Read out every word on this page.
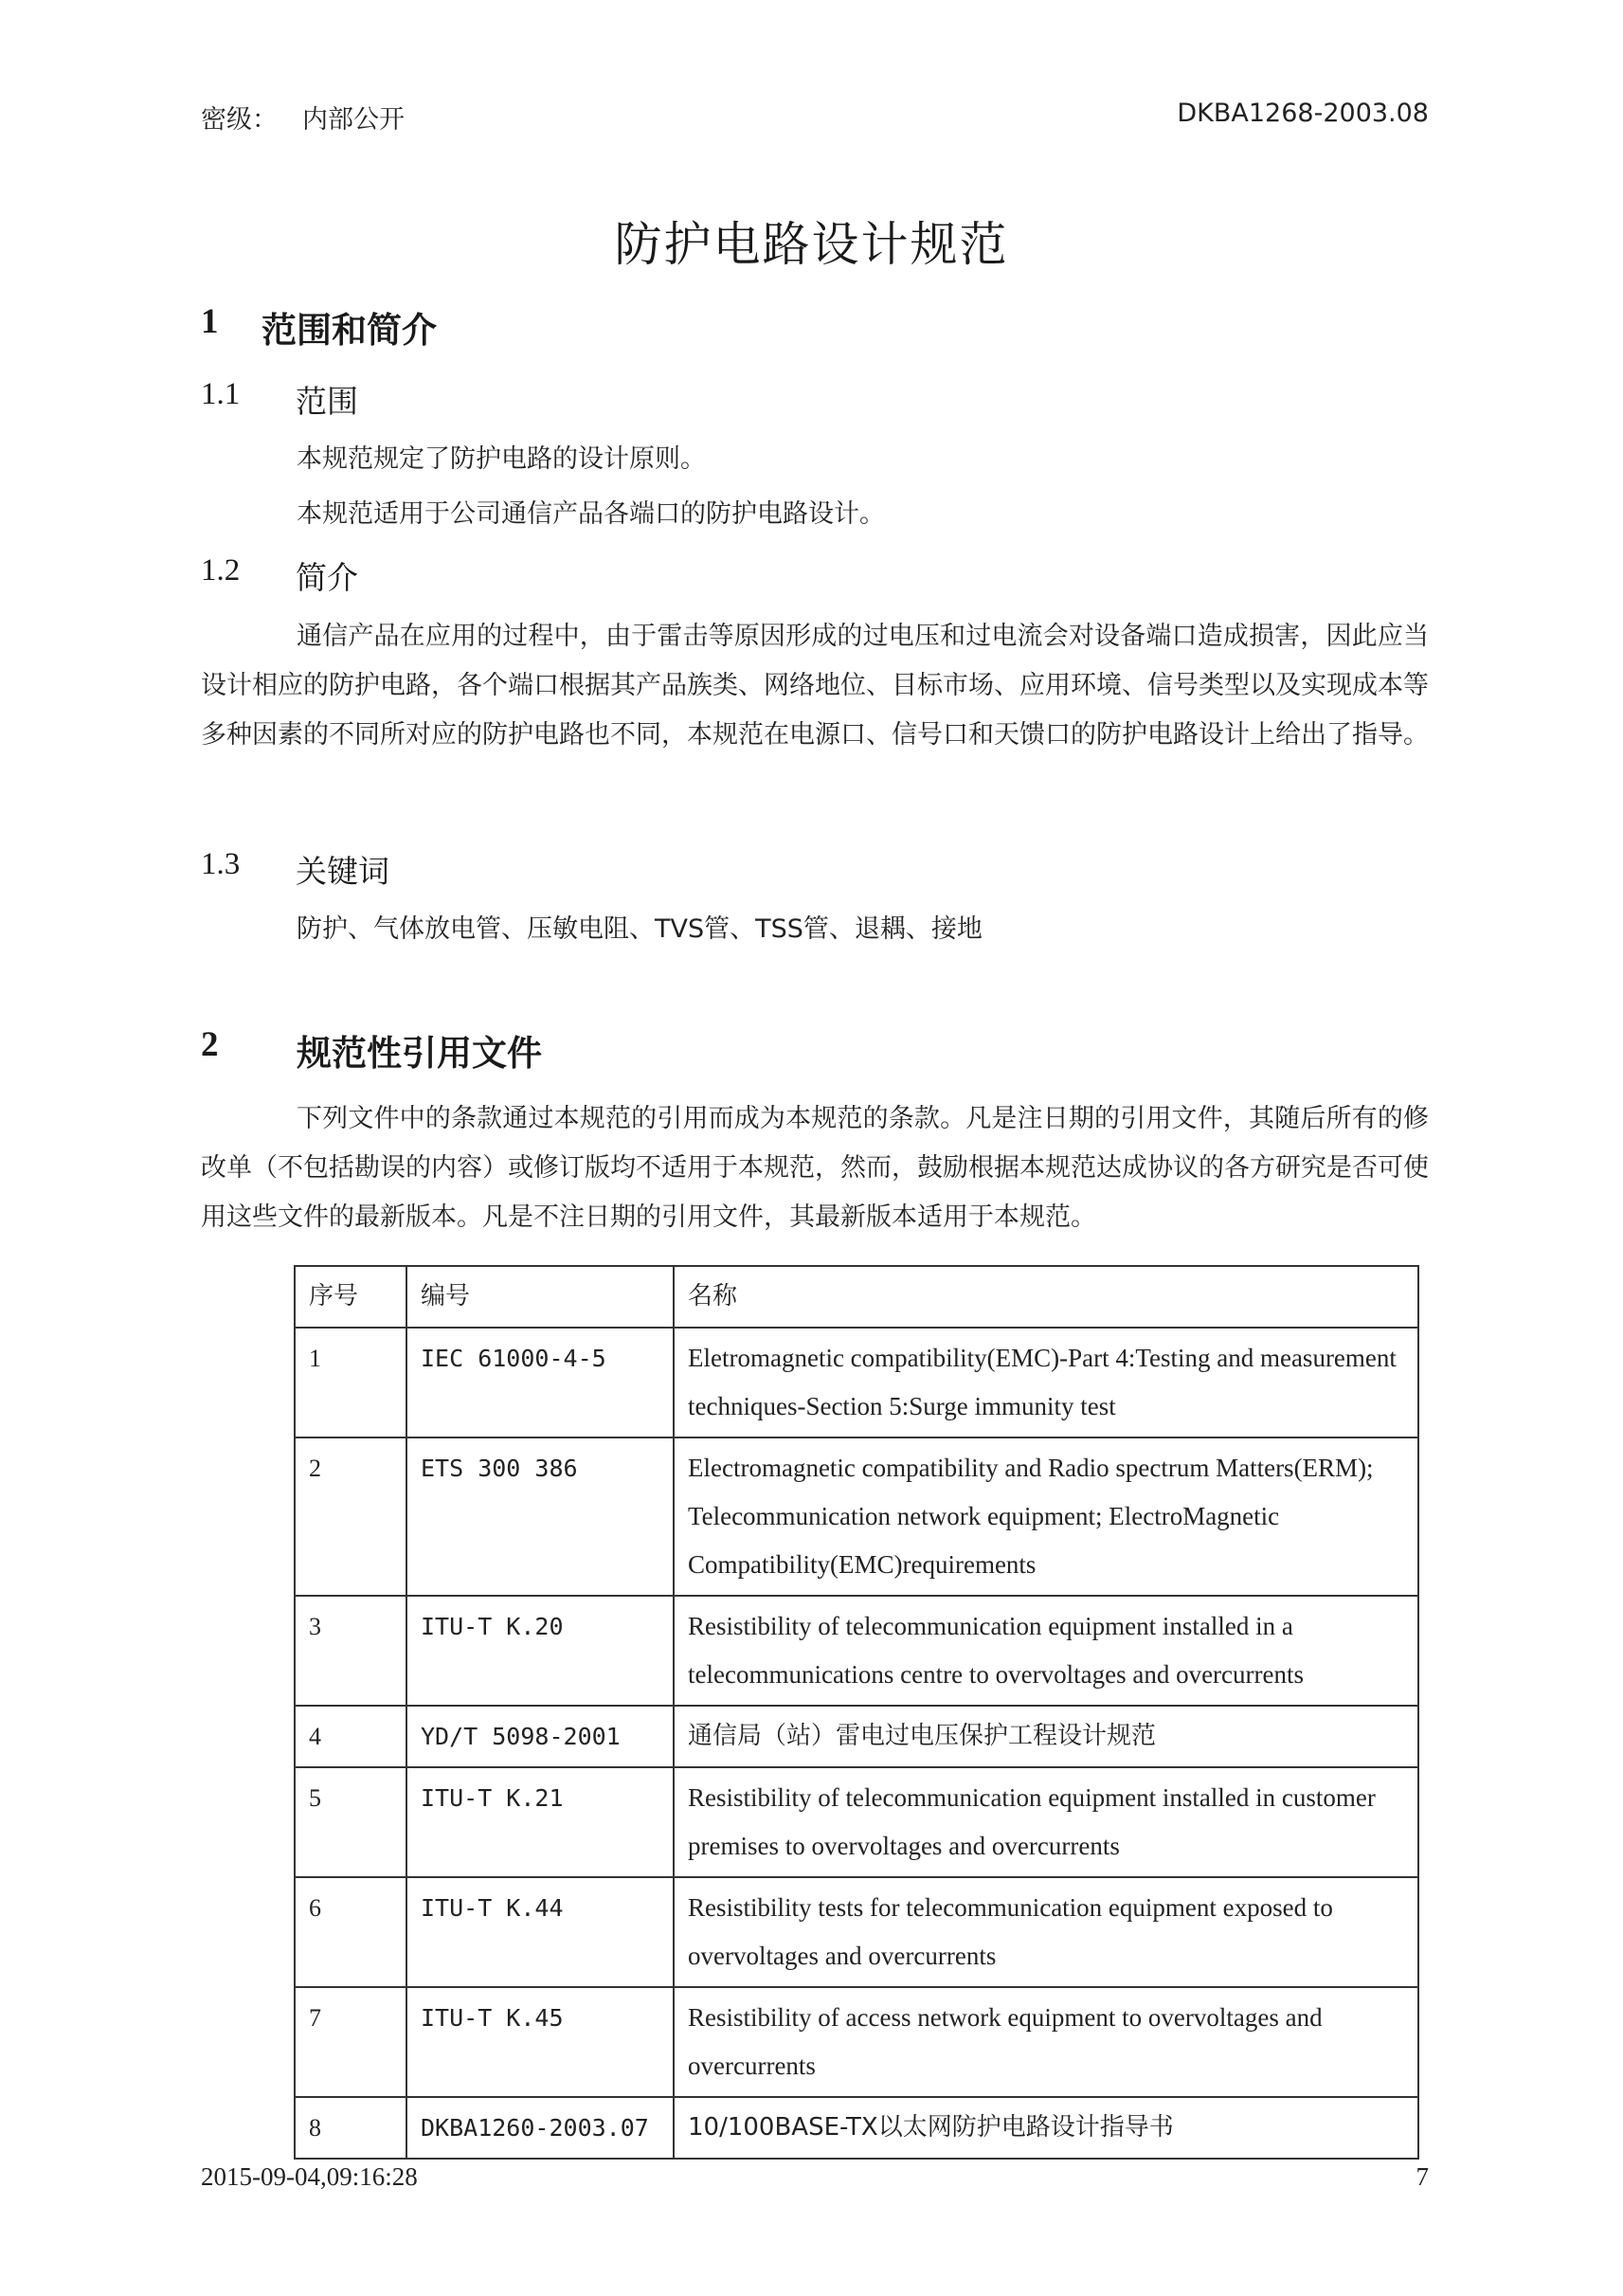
密级： 内部公开	DKBA1268-2003.08
防护电路设计规范
1	范围和简介
1.1	范围
本规范规定了防护电路的设计原则。
本规范适用于公司通信产品各端口的防护电路设计。
1.2	简介
通信产品在应用的过程中，由于雷击等原因形成的过电压和过电流会对设备端口造成损害，因此应当设计相应的防护电路，各个端口根据其产品族类、网络地位、目标市场、应用环境、信号类型以及实现成本等多种因素的不同所对应的防护电路也不同，本规范在电源口、信号口和天馈口的防护电路设计上给出了指导。
1.3	关键词
防护、气体放电管、压敏电阻、TVS管、TSS管、退耦、接地
2	规范性引用文件
下列文件中的条款通过本规范的引用而成为本规范的条款。凡是注日期的引用文件，其随后所有的修改单（不包括勘误的内容）或修订版均不适用于本规范，然而，鼓励根据本规范达成协议的各方研究是否可使用这些文件的最新版本。凡是不注日期的引用文件，其最新版本适用于本规范。
序号	编号	名称
1	IEC 61000-4-5	Eletromagnetic compatibility(EMC)-Part 4:Testing and measurement techniques-Section 5:Surge immunity test
2	ETS 300 386	Electromagnetic compatibility and Radio spectrum Matters(ERM); Telecommunication network equipment; ElectroMagnetic Compatibility(EMC)requirements
3	ITU-T K.20	Resistibility of telecommunication equipment installed in a telecommunications centre to overvoltages and overcurrents
4	YD/T 5098-2001	通信局（站）雷电过电压保护工程设计规范
5	ITU-T K.21	Resistibility of telecommunication equipment installed in customer premises to overvoltages and overcurrents
6	ITU-T K.44	Resistibility tests for telecommunication equipment exposed to overvoltages and overcurrents
7	ITU-T K.45	Resistibility of access network equipment to overvoltages and overcurrents
8	DKBA1260-2003.07	10/100BASE-TX以太网防护电路设计指导书
2015-09-04,09:16:28	7
